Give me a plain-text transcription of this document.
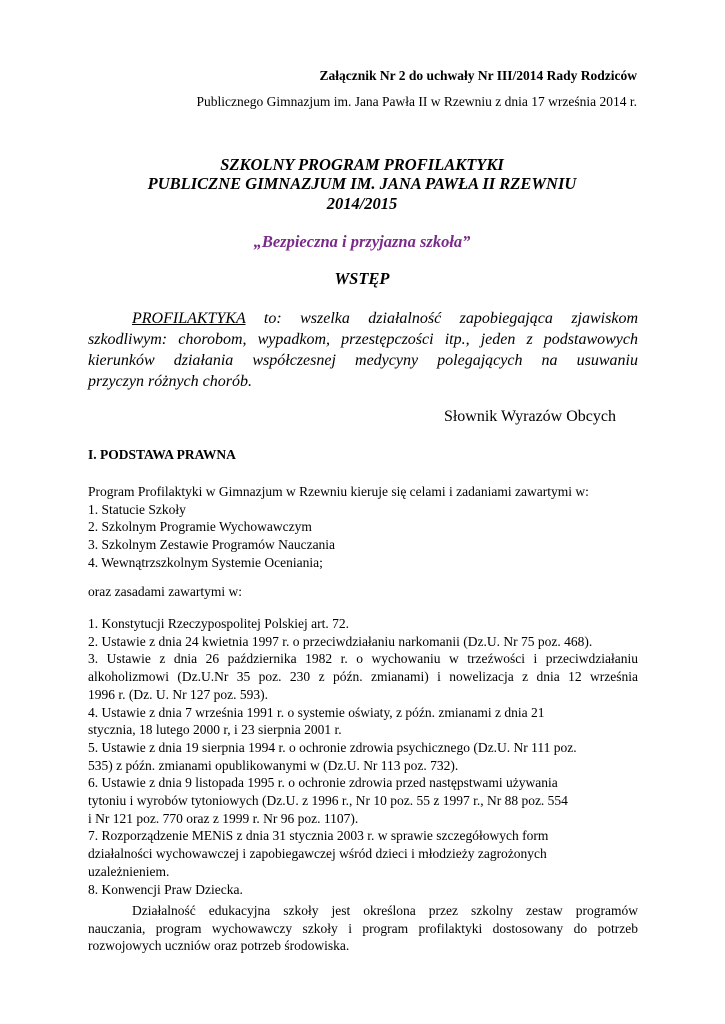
Załącznik Nr 2 do uchwały Nr III/2014 Rady Rodziców
Publicznego Gimnazjum im. Jana Pawła II w Rzewniu z dnia 17 września 2014 r.
SZKOLNY PROGRAM PROFILAKTYKI
PUBLICZNE GIMNAZJUM IM. JANA PAWŁA II RZEWNIU
2014/2015
„Bezpieczna i przyjazna szkoła”
WSTĘP
PROFILAKTYKA to: wszelka działalność zapobiegająca zjawiskom
szkodliwym: chorobom, wypadkom, przestępczości itp., jeden z podstawowych
kierunków działania współczesnej medycyny polegających na usuwaniu
przyczyn różnych chorób.
Słownik Wyrazów Obcych
I. PODSTAWA PRAWNA
Program Profilaktyki w Gimnazjum w Rzewniu kieruje się celami i zadaniami zawartymi w:
1. Statucie Szkoły
2. Szkolnym Programie Wychowawczym
3. Szkolnym Zestawie Programów Nauczania
4. Wewnątrzszkolnym Systemie Oceniania;
oraz zasadami zawartymi w:
1. Konstytucji Rzeczypospolitej Polskiej art. 72.
2. Ustawie z dnia 24 kwietnia 1997 r. o przeciwdziałaniu narkomanii (Dz.U. Nr 75 poz. 468).
3. Ustawie z dnia 26 października 1982 r. o wychowaniu w trzeźwości i przeciwdziałaniu
alkoholizmowi (Dz.U.Nr 35 poz. 230 z późn. zmianami) i nowelizacja z dnia 12 września
1996 r. (Dz. U. Nr 127 poz. 593).
4. Ustawie z dnia 7 września 1991 r. o systemie oświaty, z późn. zmianami z dnia 21
stycznia, 18 lutego 2000 r, i 23 sierpnia 2001 r.
5. Ustawie z dnia 19 sierpnia 1994 r. o ochronie zdrowia psychicznego (Dz.U. Nr 111 poz.
535) z późn. zmianami opublikowanymi w (Dz.U. Nr 113 poz. 732).
6. Ustawie z dnia 9 listopada 1995 r. o ochronie zdrowia przed następstwami używania
tytoniu i wyrobów tytoniowych (Dz.U. z 1996 r., Nr 10 poz. 55 z 1997 r., Nr 88 poz. 554
i Nr 121 poz. 770 oraz z 1999 r. Nr 96 poz. 1107).
7. Rozporządzenie MENiS z dnia 31 stycznia 2003 r. w sprawie szczegółowych form
działalności wychowawczej i zapobiegawczej wśród dzieci i młodzieży zagrożonych
uzależnieniem.
8. Konwencji Praw Dziecka.
Działalność edukacyjna szkoły jest określona przez szkolny zestaw programów
nauczania, program wychowawczy szkoły i program profilaktyki dostosowany do potrzeb
rozwojowych uczniów oraz potrzeb środowiska.
